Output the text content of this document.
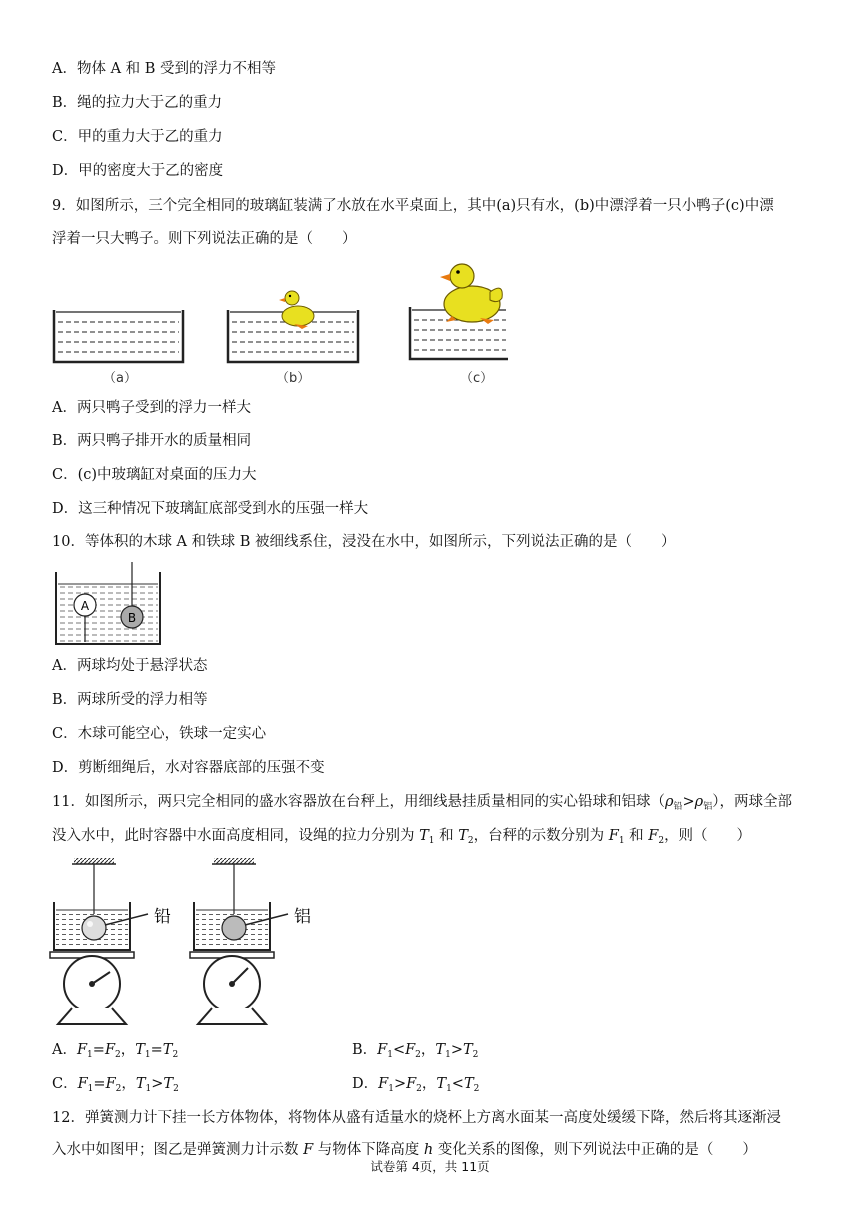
A．物体 A 和 B 受到的浮力不相等
B．绳的拉力大于乙的重力
C．甲的重力大于乙的重力
D．甲的密度大于乙的密度
9．如图所示，三个完全相同的玻璃缸装满了水放在水平桌面上，其中(a)只有水，(b)中漂浮着一只小鸭子(c)中漂
浮着一只大鸭子。则下列说法正确的是（　　）
（a）	（b）	（c）
A．两只鸭子受到的浮力一样大
B．两只鸭子排开水的质量相同
C．(c)中玻璃缸对桌面的压力大
D．这三种情况下玻璃缸底部受到水的压强一样大
10．等体积的木球 A 和铁球 B 被细线系住，浸没在水中，如图所示，下列说法正确的是（　　）
A
B
A．两球均处于悬浮状态
B．两球所受的浮力相等
C．木球可能空心，铁球一定实心
D．剪断细绳后，水对容器底部的压强不变
11．如图所示，两只完全相同的盛水容器放在台秤上，用细线悬挂质量相同的实心铅球和铝球$(\rho_铅>\rho_铝)$，两球全部
没入水中，此时容器中水面高度相同，设绳的拉力分别为 $T_1$ 和 $T_2$，台秤的示数分别为 $F_1$ 和 $F_2$，则（　　）
铅	铝
A．$F_1=F_2$，$T_1=T_2$	B．$F_1<F_2$，$T_1>T_2$
C．$F_1=F_2$，$T_1>T_2$	D．$F_1>F_2$，$T_1<T_2$
12．弹簧测力计下挂一长方体物体，将物体从盛有适量水的烧杯上方离水面某一高度处缓缓下降，然后将其逐渐浸
入水中如图甲；图乙是弹簧测力计示数 F 与物体下降高度 h 变化关系的图像，则下列说法中正确的是（　　）
试卷第 4页，共 11页
